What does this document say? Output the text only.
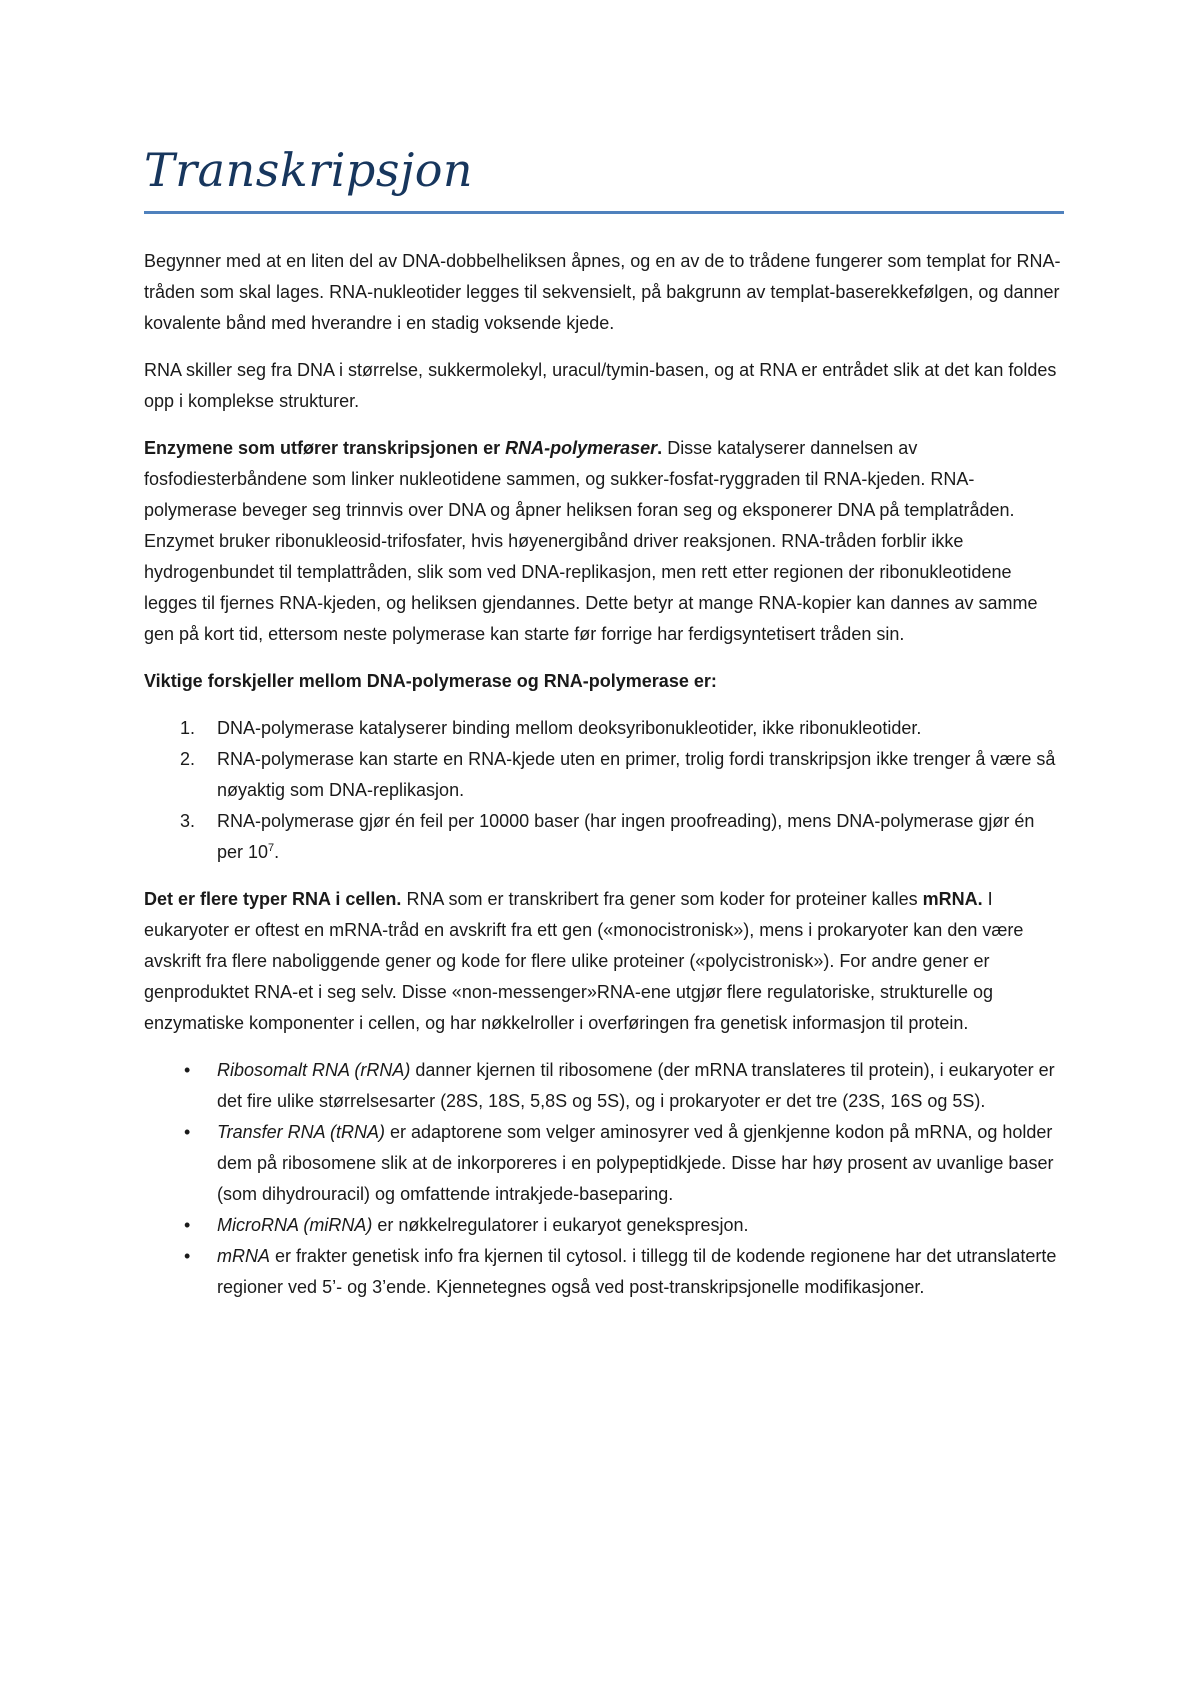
Transkripsjon

Begynner med at en liten del av DNA-dobbelheliksen åpnes, og en av de to trådene fungerer som templat for RNA-tråden som skal lages. RNA-nukleotider legges til sekvensielt, på bakgrunn av templat-baserekkefølgen, og danner kovalente bånd med hverandre i en stadig voksende kjede.

RNA skiller seg fra DNA i størrelse, sukkermolekyl, uracul/tymin-basen, og at RNA er entrådet slik at det kan foldes opp i komplekse strukturer.

Enzymene som utfører transkripsjonen er RNA-polymeraser. Disse katalyserer dannelsen av fosfodiesterbåndene som linker nukleotidene sammen, og sukker-fosfat-ryggraden til RNA-kjeden. RNA-polymerase beveger seg trinnvis over DNA og åpner heliksen foran seg og eksponerer DNA på templatråden. Enzymet bruker ribonukleosid-trifosfater, hvis høyenergibånd driver reaksjonen. RNA-tråden forblir ikke hydrogenbundet til templattråden, slik som ved DNA-replikasjon, men rett etter regionen der ribonukleotidene legges til fjernes RNA-kjeden, og heliksen gjendannes. Dette betyr at mange RNA-kopier kan dannes av samme gen på kort tid, ettersom neste polymerase kan starte før forrige har ferdigsyntetisert tråden sin.

Viktige forskjeller mellom DNA-polymerase og RNA-polymerase er:

1. DNA-polymerase katalyserer binding mellom deoksyribonukleotider, ikke ribonukleotider.
2. RNA-polymerase kan starte en RNA-kjede uten en primer, trolig fordi transkripsjon ikke trenger å være så nøyaktig som DNA-replikasjon.
3. RNA-polymerase gjør én feil per 10000 baser (har ingen proofreading), mens DNA-polymerase gjør én per $10^7$.

Det er flere typer RNA i cellen. RNA som er transkribert fra gener som koder for proteiner kalles mRNA. I eukaryoter er oftest en mRNA-tråd en avskrift fra ett gen («monocistronisk»), mens i prokaryoter kan den være avskrift fra flere naboliggende gener og kode for flere ulike proteiner («polycistronisk»). For andre gener er genproduktet RNA-et i seg selv. Disse «non-messenger»RNA-ene utgjør flere regulatoriske, strukturelle og enzymatiske komponenter i cellen, og har nøkkelroller i overføringen fra genetisk informasjon til protein.

• Ribosomalt RNA (rRNA) danner kjernen til ribosomene (der mRNA translateres til protein), i eukaryoter er det fire ulike størrelsesarter (28S, 18S, 5,8S og 5S), og i prokaryoter er det tre (23S, 16S og 5S).
• Transfer RNA (tRNA) er adaptorene som velger aminosyrer ved å gjenkjenne kodon på mRNA, og holder dem på ribosomene slik at de inkorporeres i en polypeptidkjede. Disse har høy prosent av uvanlige baser (som dihydrouracil) og omfattende intrakjede-baseparing.
• MicroRNA (miRNA) er nøkkelregulatorer i eukaryot genekspresjon.
• mRNA er frakter genetisk info fra kjernen til cytosol. i tillegg til de kodende regionene har det utranslaterte regioner ved 5’- og 3’ende. Kjennetegnes også ved post-transkripsjonelle modifikasjoner.
